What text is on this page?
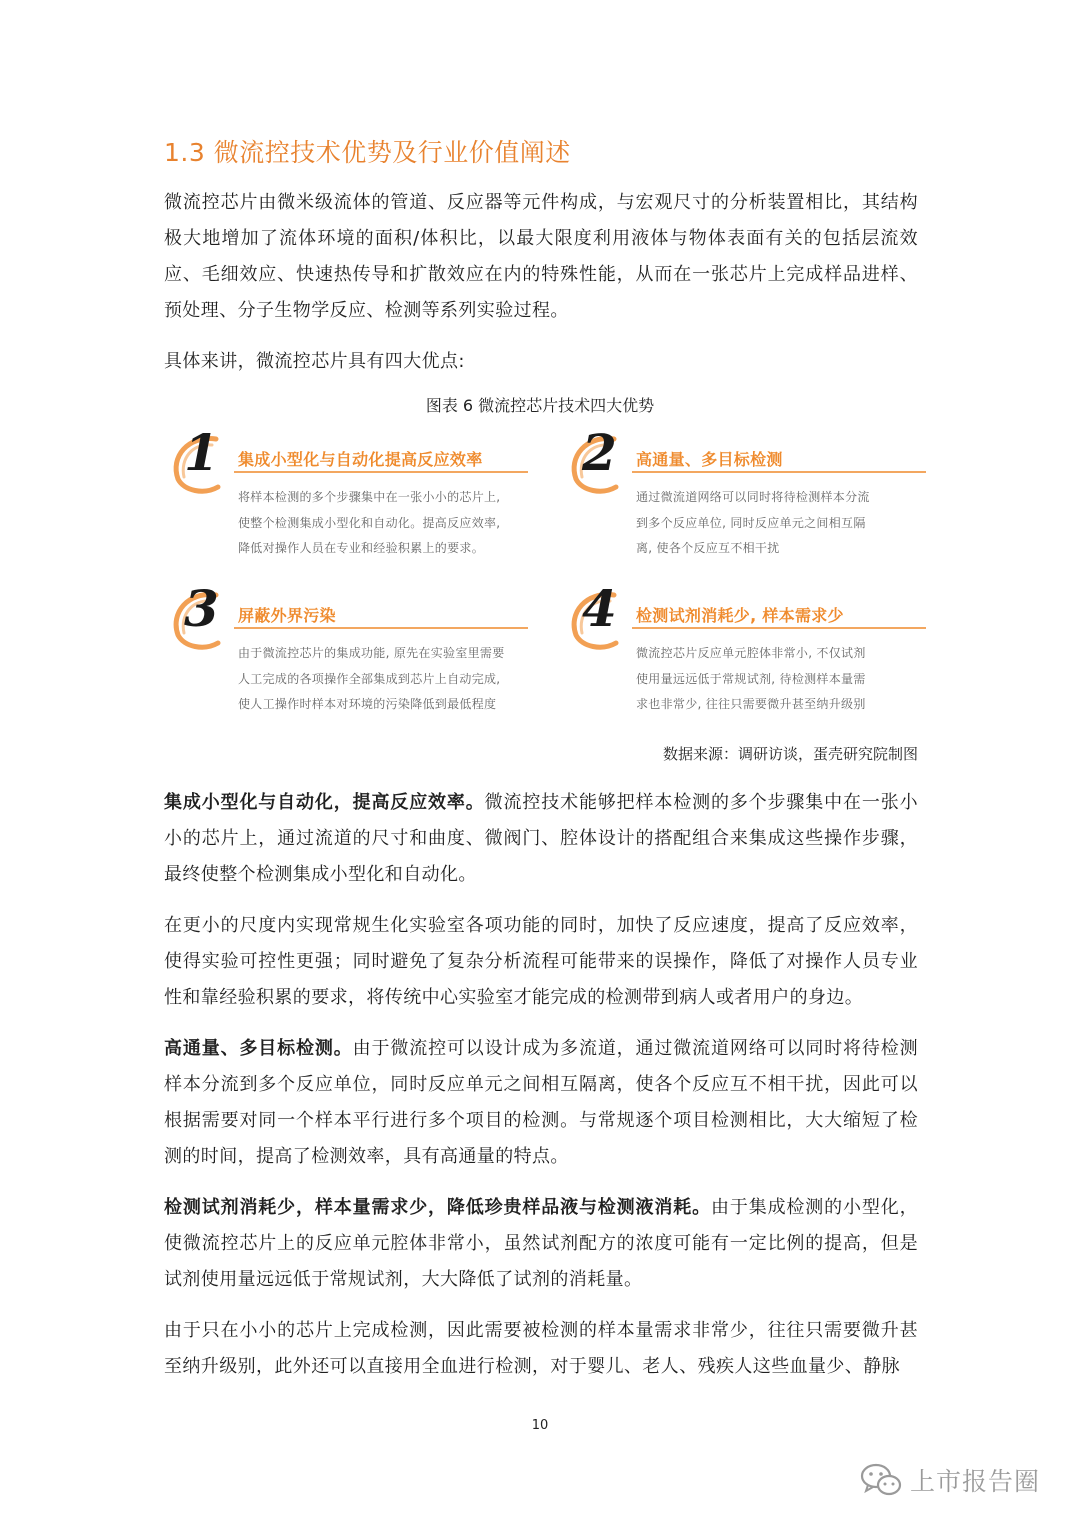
1.3 微流控技术优势及行业价值阐述

微流控芯片由微米级流体的管道、反应器等元件构成，与宏观尺寸的分析装置相比，其结构极大地增加了流体环境的面积/体积比，以最大限度利用液体与物体表面有关的包括层流效应、毛细效应、快速热传导和扩散效应在内的特殊性能，从而在一张芯片上完成样品进样、预处理、分子生物学反应、检测等系列实验过程。

具体来讲，微流控芯片具有四大优点:

图表 6 微流控芯片技术四大优势
1 集成小型化与自动化提高反应效率
将样本检测的多个步骤集中在一张小小的芯片上,
使整个检测集成小型化和自动化。提高反应效率,
降低对操作人员在专业和经验积累上的要求。
2 高通量、多目标检测
通过微流道网络可以同时将待检测样本分流
到多个反应单位, 同时反应单元之间相互隔
离, 使各个反应互不相干扰
3 屏蔽外界污染
由于微流控芯片的集成功能, 原先在实验室里需要
人工完成的各项操作全部集成到芯片上自动完成,
使人工操作时样本对环境的污染降低到最低程度
4 检测试剂消耗少, 样本需求少
微流控芯片反应单元腔体非常小, 不仅试剂
使用量远远低于常规试剂, 待检测样本量需
求也非常少, 往往只需要微升甚至纳升级别
数据来源：调研访谈，蛋壳研究院制图

集成小型化与自动化，提高反应效率。微流控技术能够把样本检测的多个步骤集中在一张小小的芯片上，通过流道的尺寸和曲度、微阀门、腔体设计的搭配组合来集成这些操作步骤，最终使整个检测集成小型化和自动化。

在更小的尺度内实现常规生化实验室各项功能的同时，加快了反应速度，提高了反应效率，使得实验可控性更强；同时避免了复杂分析流程可能带来的误操作，降低了对操作人员专业性和靠经验积累的要求，将传统中心实验室才能完成的检测带到病人或者用户的身边。

高通量、多目标检测。由于微流控可以设计成为多流道，通过微流道网络可以同时将待检测样本分流到多个反应单位，同时反应单元之间相互隔离，使各个反应互不相干扰，因此可以根据需要对同一个样本平行进行多个项目的检测。与常规逐个项目检测相比，大大缩短了检测的时间，提高了检测效率，具有高通量的特点。

检测试剂消耗少，样本量需求少，降低珍贵样品液与检测液消耗。由于集成检测的小型化，使微流控芯片上的反应单元腔体非常小，虽然试剂配方的浓度可能有一定比例的提高，但是试剂使用量远远低于常规试剂，大大降低了试剂的消耗量。

由于只在小小的芯片上完成检测，因此需要被检测的样本量需求非常少，往往只需要微升甚至纳升级别，此外还可以直接用全血进行检测，对于婴儿、老人、残疾人这些血量少、静脉

10
上市报告圈
